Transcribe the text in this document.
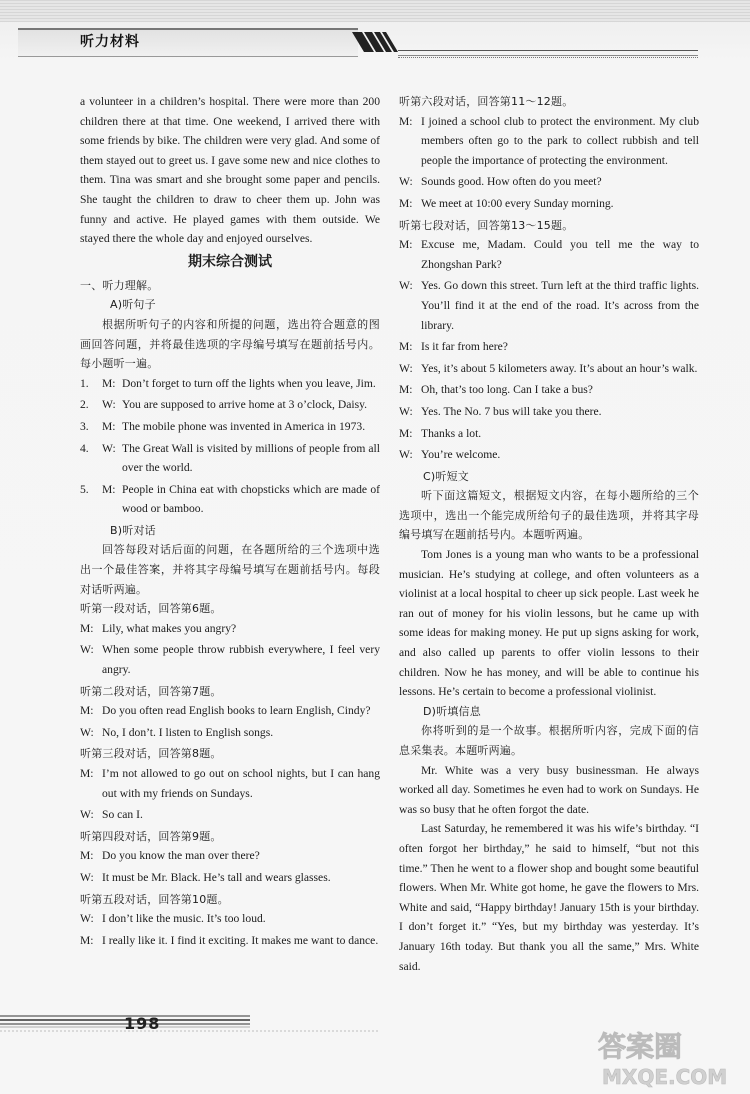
听力材料

a volunteer in a children’s hospital. There were more than 200 children there at that time. One weekend, I arrived there with some friends by bike. The children were very glad. And some of them stayed out to greet us. I gave some new and nice clothes to them. Tina was smart and she brought some paper and pencils. She taught the children to draw to cheer them up. John was funny and active. He played games with them outside. We stayed there the whole day and enjoyed ourselves.

期末综合测试
一、听力理解。
A)听句子

根据所听句子的内容和所提的问题，选出符合题意的图画回答问题，并将最佳选项的字母编号填写在题前括号内。每小题听一遍。

1.	M: Don’t forget to turn off the lights when you leave, Jim.
2.	W: You are supposed to arrive home at 3 o’clock, Daisy.
3.	M: The mobile phone was invented in America in 1973.
4.	W: The Great Wall is visited by millions of people from all over the world.
5.	M: People in China eat with chopsticks which are made of wood or bamboo.
B)听对话

回答每段对话后面的问题，在各题所给的三个选项中选出一个最佳答案，并将其字母编号填写在题前括号内。每段对话听两遍。

听第一段对话，回答第6题。
M: Lily, what makes you angry?
W: When some people throw rubbish everywhere, I feel very angry.
听第二段对话，回答第7题。
M: Do you often read English books to learn English, Cindy?
W: No, I don’t. I listen to English songs.
听第三段对话，回答第8题。
M: I’m not allowed to go out on school nights, but I can hang out with my friends on Sundays.
W: So can I.
听第四段对话，回答第9题。
M: Do you know the man over there?
W: It must be Mr. Black. He’s tall and wears glasses.
听第五段对话，回答第10题。
W: I don’t like the music. It’s too loud.
M: I really like it. I find it exciting. It makes me want to dance.
听第六段对话，回答第11～12题。
M: I joined a school club to protect the environment. My club members often go to the park to collect rubbish and tell people the importance of protecting the environment.
W: Sounds good. How often do you meet?
M: We meet at 10:00 every Sunday morning.
听第七段对话，回答第13～15题。
M: Excuse me, Madam. Could you tell me the way to Zhongshan Park?
W: Yes. Go down this street. Turn left at the third traffic lights. You’ll find it at the end of the road. It’s across from the library.
M: Is it far from here?
W: Yes, it’s about 5 kilometers away. It’s about an hour’s walk.
M: Oh, that’s too long. Can I take a bus?
W: Yes. The No. 7 bus will take you there.
M: Thanks a lot.
W: You’re welcome.
C)听短文

听下面这篇短文，根据短文内容，在每小题所给的三个选项中，选出一个能完成所给句子的最佳选项，并将其字母编号填写在题前括号内。本题听两遍。

Tom Jones is a young man who wants to be a professional musician. He’s studying at college, and often volunteers as a violinist at a local hospital to cheer up sick people. Last week he ran out of money for his violin lessons, but he came up with some ideas for making money. He put up signs asking for work, and also called up parents to offer violin lessons to their children. Now he has money, and will be able to continue his lessons. He’s certain to become a professional violinist.

D)听填信息

你将听到的是一个故事。根据所听内容，完成下面的信息采集表。本题听两遍。

Mr. White was a very busy businessman. He always worked all day. Sometimes he even had to work on Sundays. He was so busy that he often forgot the date.

Last Saturday, he remembered it was his wife’s birthday. “I often forgot her birthday,” he said to himself, “but not this time.” Then he went to a flower shop and bought some beautiful flowers. When Mr. White got home, he gave the flowers to Mrs. White and said, “Happy birthday! January 15th is your birthday. I don’t forget it.” “Yes, but my birthday was yesterday. It’s January 16th today. But thank you all the same,” Mrs. White said.

198
答案圈
MXQE.COM
